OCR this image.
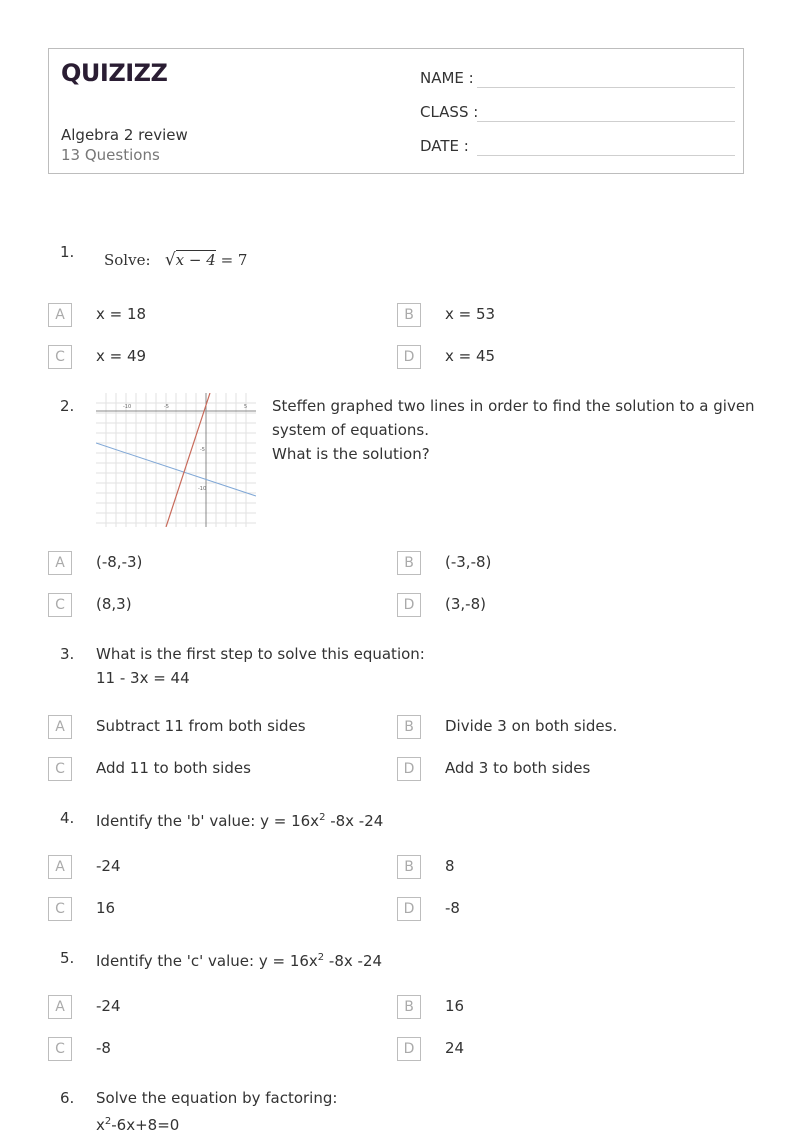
QUIZIZZ
Algebra 2 review
13 Questions
NAME :
CLASS :
DATE :
1. Solve: √x − 4 = 7
A	x = 18	B	x = 53
C	x = 49	D	x = 45
2.	-10	-5	5
-5
-10
Steffen graphed two lines in order to find the solution to a given
system of equations.
What is the solution?
A	(-8,-3)	B	(-3,-8)
C	(8,3)	D	(3,-8)
3. What is the first step to solve this equation:
11 - 3x = 44
A	Subtract 11 from both sides	B	Divide 3 on both sides.
C	Add 11 to both sides	D	Add 3 to both sides
4. Identify the 'b' value: $y = 16x^2$ -8x -24
A	-24	B	8
C	16	D	-8
5. Identify the 'c' value: $y = 16x^2$ -8x -24
A	-24	B	16
C	-8	D	24
6. Solve the equation by factoring:
$x^2-6x+8=0$
